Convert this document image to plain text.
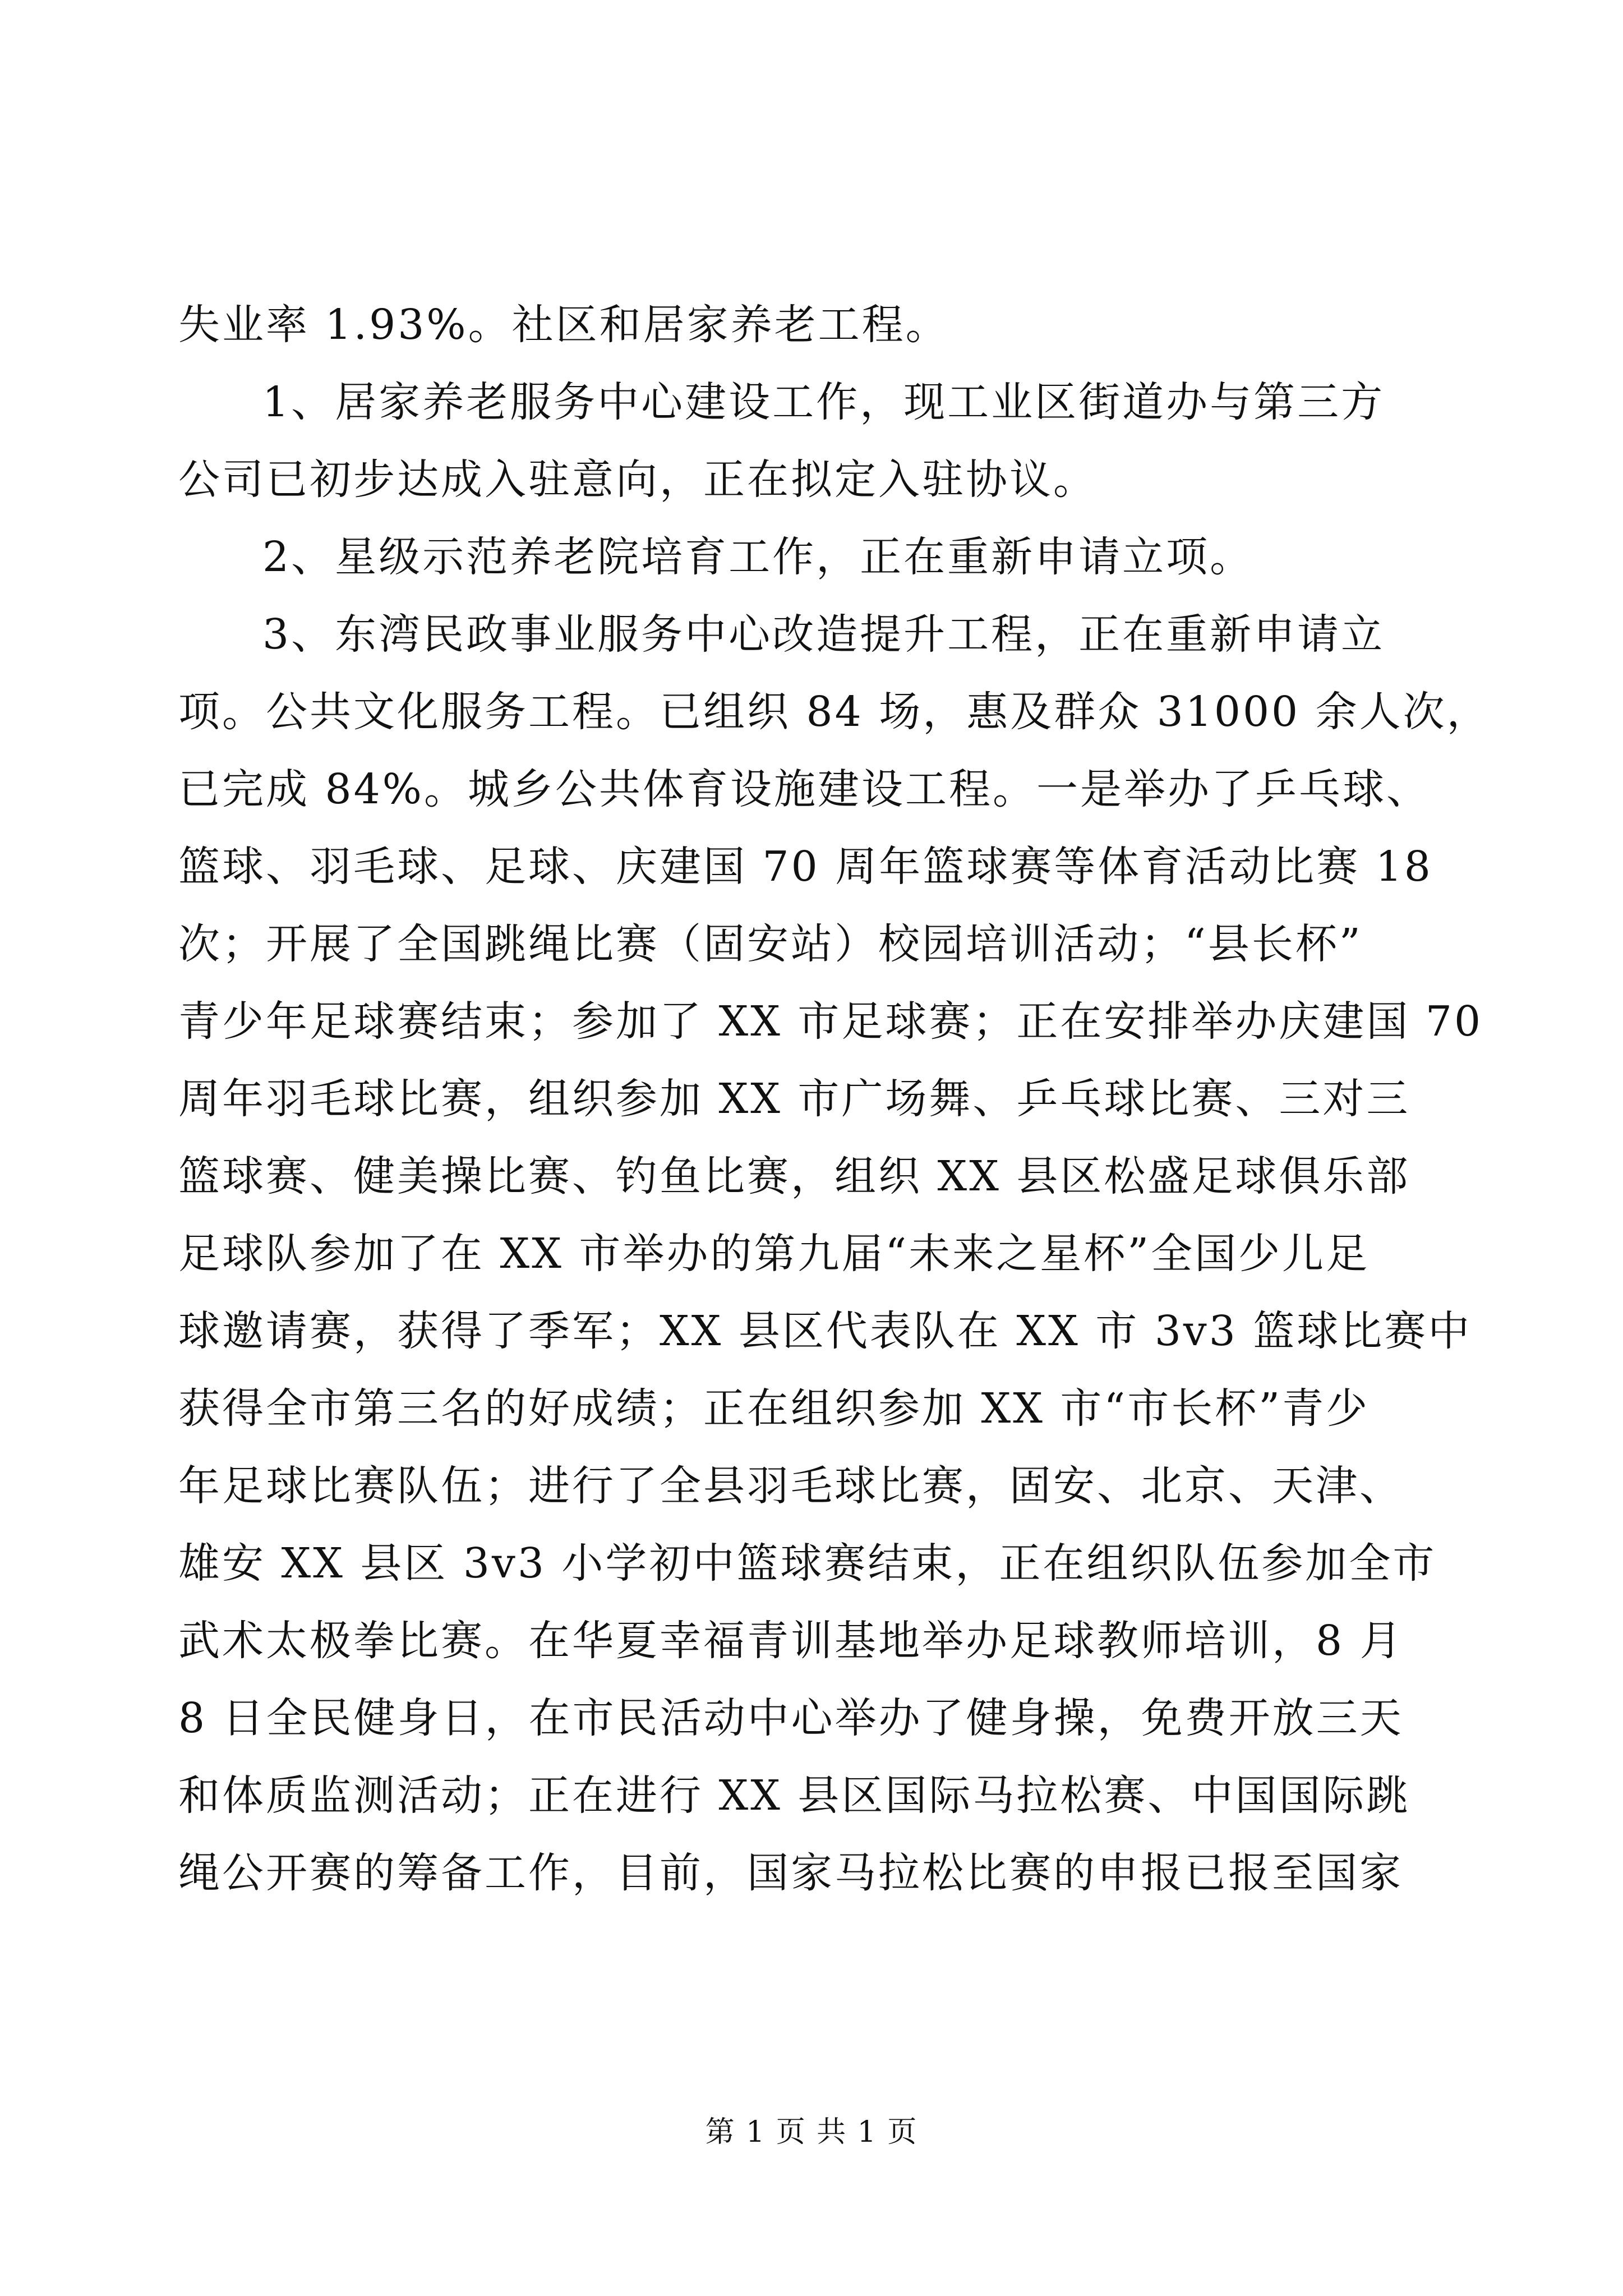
失业率 1.93%。社区和居家养老工程。
1、居家养老服务中心建设工作，现工业区街道办与第三方
公司已初步达成入驻意向，正在拟定入驻协议。
2、星级示范养老院培育工作，正在重新申请立项。
3、东湾民政事业服务中心改造提升工程，正在重新申请立
项。公共文化服务工程。已组织 84 场，惠及群众 31000 余人次，
已完成 84%。城乡公共体育设施建设工程。一是举办了乒乓球、
篮球、羽毛球、足球、庆建国 70 周年篮球赛等体育活动比赛 18
次；开展了全国跳绳比赛（固安站）校园培训活动；“县长杯”
青少年足球赛结束；参加了 XX 市足球赛；正在安排举办庆建国 70
周年羽毛球比赛，组织参加 XX 市广场舞、乒乓球比赛、三对三
篮球赛、健美操比赛、钓鱼比赛，组织 XX 县区松盛足球俱乐部
足球队参加了在 XX 市举办的第九届“未来之星杯”全国少儿足
球邀请赛，获得了季军；XX 县区代表队在 XX 市 3v3 篮球比赛中
获得全市第三名的好成绩；正在组织参加 XX 市“市长杯”青少
年足球比赛队伍；进行了全县羽毛球比赛，固安、北京、天津、
雄安 XX 县区 3v3 小学初中篮球赛结束，正在组织队伍参加全市
武术太极拳比赛。在华夏幸福青训基地举办足球教师培训，8 月
8 日全民健身日，在市民活动中心举办了健身操，免费开放三天
和体质监测活动；正在进行 XX 县区国际马拉松赛、中国国际跳
绳公开赛的筹备工作，目前，国家马拉松比赛的申报已报至国家
第 1 页 共 1 页
